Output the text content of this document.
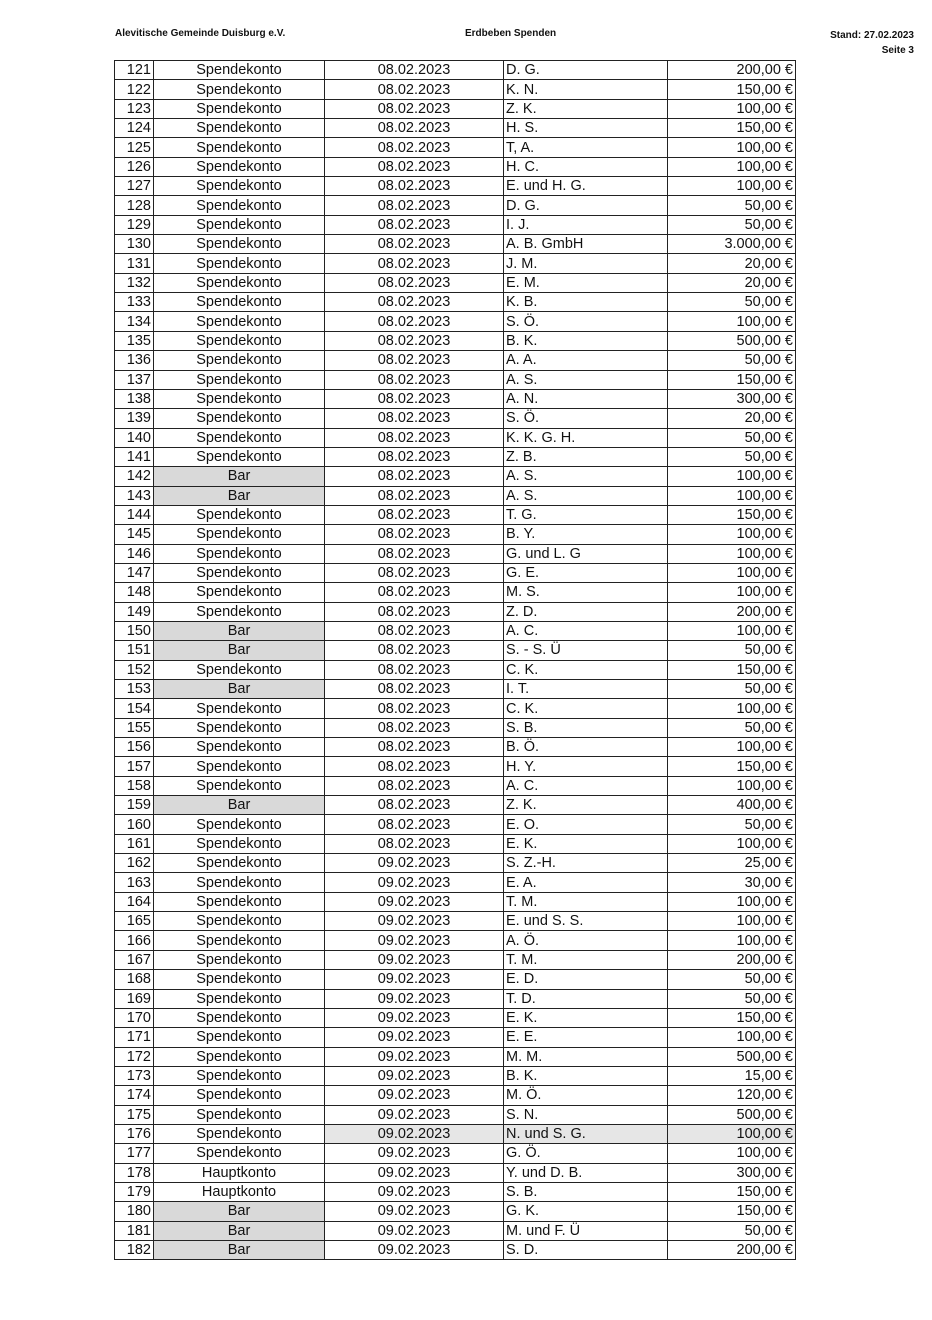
Alevitische Gemeinde Duisburg e.V.	Erdbeben Spenden	Stand: 27.02.2023
Seite 3
121	Spendekonto	08.02.2023	D. G.	200,00 €
122	Spendekonto	08.02.2023	K. N.	150,00 €
123	Spendekonto	08.02.2023	Z. K.	100,00 €
124	Spendekonto	08.02.2023	H. S.	150,00 €
125	Spendekonto	08.02.2023	T, A.	100,00 €
126	Spendekonto	08.02.2023	H. C.	100,00 €
127	Spendekonto	08.02.2023	E. und H. G.	100,00 €
128	Spendekonto	08.02.2023	D. G.	50,00 €
129	Spendekonto	08.02.2023	I. J.	50,00 €
130	Spendekonto	08.02.2023	A. B. GmbH	3.000,00 €
131	Spendekonto	08.02.2023	J. M.	20,00 €
132	Spendekonto	08.02.2023	E. M.	20,00 €
133	Spendekonto	08.02.2023	K. B.	50,00 €
134	Spendekonto	08.02.2023	S. Ö.	100,00 €
135	Spendekonto	08.02.2023	B. K.	500,00 €
136	Spendekonto	08.02.2023	A. A.	50,00 €
137	Spendekonto	08.02.2023	A. S.	150,00 €
138	Spendekonto	08.02.2023	A. N.	300,00 €
139	Spendekonto	08.02.2023	S. Ö.	20,00 €
140	Spendekonto	08.02.2023	K. K. G. H.	50,00 €
141	Spendekonto	08.02.2023	Z. B.	50,00 €
142	Bar	08.02.2023	A. S.	100,00 €
143	Bar	08.02.2023	A. S.	100,00 €
144	Spendekonto	08.02.2023	T. G.	150,00 €
145	Spendekonto	08.02.2023	B. Y.	100,00 €
146	Spendekonto	08.02.2023	G. und L. G	100,00 €
147	Spendekonto	08.02.2023	G. E.	100,00 €
148	Spendekonto	08.02.2023	M. S.	100,00 €
149	Spendekonto	08.02.2023	Z. D.	200,00 €
150	Bar	08.02.2023	A. C.	100,00 €
151	Bar	08.02.2023	S. - S. Ü	50,00 €
152	Spendekonto	08.02.2023	C. K.	150,00 €
153	Bar	08.02.2023	I. T.	50,00 €
154	Spendekonto	08.02.2023	C. K.	100,00 €
155	Spendekonto	08.02.2023	S. B.	50,00 €
156	Spendekonto	08.02.2023	B. Ö.	100,00 €
157	Spendekonto	08.02.2023	H. Y.	150,00 €
158	Spendekonto	08.02.2023	A. C.	100,00 €
159	Bar	08.02.2023	Z. K.	400,00 €
160	Spendekonto	08.02.2023	E. O.	50,00 €
161	Spendekonto	08.02.2023	E. K.	100,00 €
162	Spendekonto	09.02.2023	S. Z.-H.	25,00 €
163	Spendekonto	09.02.2023	E. A.	30,00 €
164	Spendekonto	09.02.2023	T. M.	100,00 €
165	Spendekonto	09.02.2023	E. und S. S.	100,00 €
166	Spendekonto	09.02.2023	A. Ö.	100,00 €
167	Spendekonto	09.02.2023	T. M.	200,00 €
168	Spendekonto	09.02.2023	E. D.	50,00 €
169	Spendekonto	09.02.2023	T. D.	50,00 €
170	Spendekonto	09.02.2023	E. K.	150,00 €
171	Spendekonto	09.02.2023	E. E.	100,00 €
172	Spendekonto	09.02.2023	M. M.	500,00 €
173	Spendekonto	09.02.2023	B. K.	15,00 €
174	Spendekonto	09.02.2023	M. Ö.	120,00 €
175	Spendekonto	09.02.2023	S. N.	500,00 €
176	Spendekonto	09.02.2023	N. und S. G.	100,00 €
177	Spendekonto	09.02.2023	G. Ö.	100,00 €
178	Hauptkonto	09.02.2023	Y. und D. B.	300,00 €
179	Hauptkonto	09.02.2023	S. B.	150,00 €
180	Bar	09.02.2023	G. K.	150,00 €
181	Bar	09.02.2023	M. und F. Ü	50,00 €
182	Bar	09.02.2023	S. D.	200,00 €
